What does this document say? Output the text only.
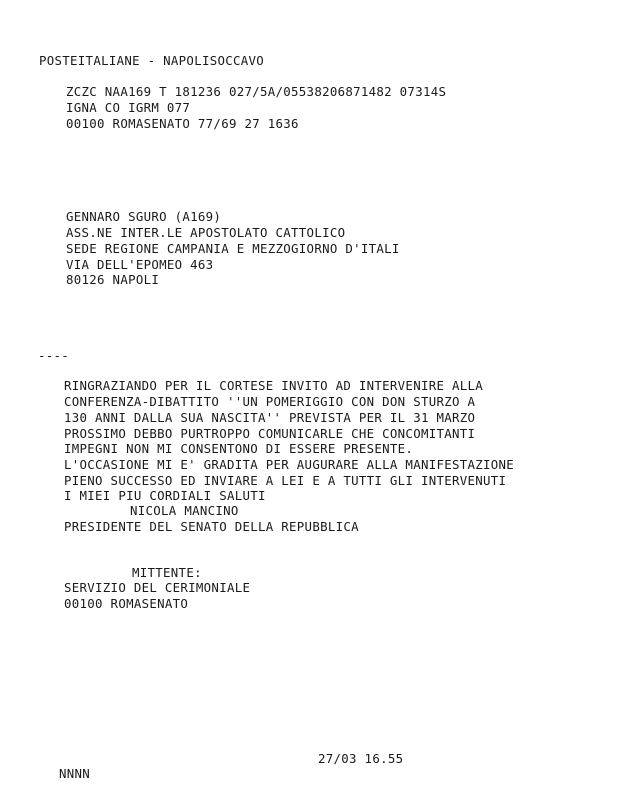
POSTEITALIANE - NAPOLISOCCAVO
ZCZC NAA169 T 181236 027/5A/05538206871482 07314S
IGNA CO IGRM 077
00100 ROMASENATO 77/69 27 1636
GENNARO SGURO (A169)
ASS.NE INTER.LE APOSTOLATO CATTOLICO
SEDE REGIONE CAMPANIA E MEZZOGIORNO D'ITALI
VIA DELL'EPOMEO 463
80126 NAPOLI
----
RINGRAZIANDO PER IL CORTESE INVITO AD INTERVENIRE ALLA
CONFERENZA-DIBATTITO ''UN POMERIGGIO CON DON STURZO A
130 ANNI DALLA SUA NASCITA'' PREVISTA PER IL 31 MARZO
PROSSIMO DEBBO PURTROPPO COMUNICARLE CHE CONCOMITANTI
IMPEGNI NON MI CONSENTONO DI ESSERE PRESENTE.
L'OCCASIONE MI E' GRADITA PER AUGURARE ALLA MANIFESTAZIONE
PIENO SUCCESSO ED INVIARE A LEI E A TUTTI GLI INTERVENUTI
I MIEI PIU CORDIALI SALUTI
NICOLA MANCINO
PRESIDENTE DEL SENATO DELLA REPUBBLICA
MITTENTE:
SERVIZIO DEL CERIMONIALE
00100 ROMASENATO
27/03 16.55
NNNN
